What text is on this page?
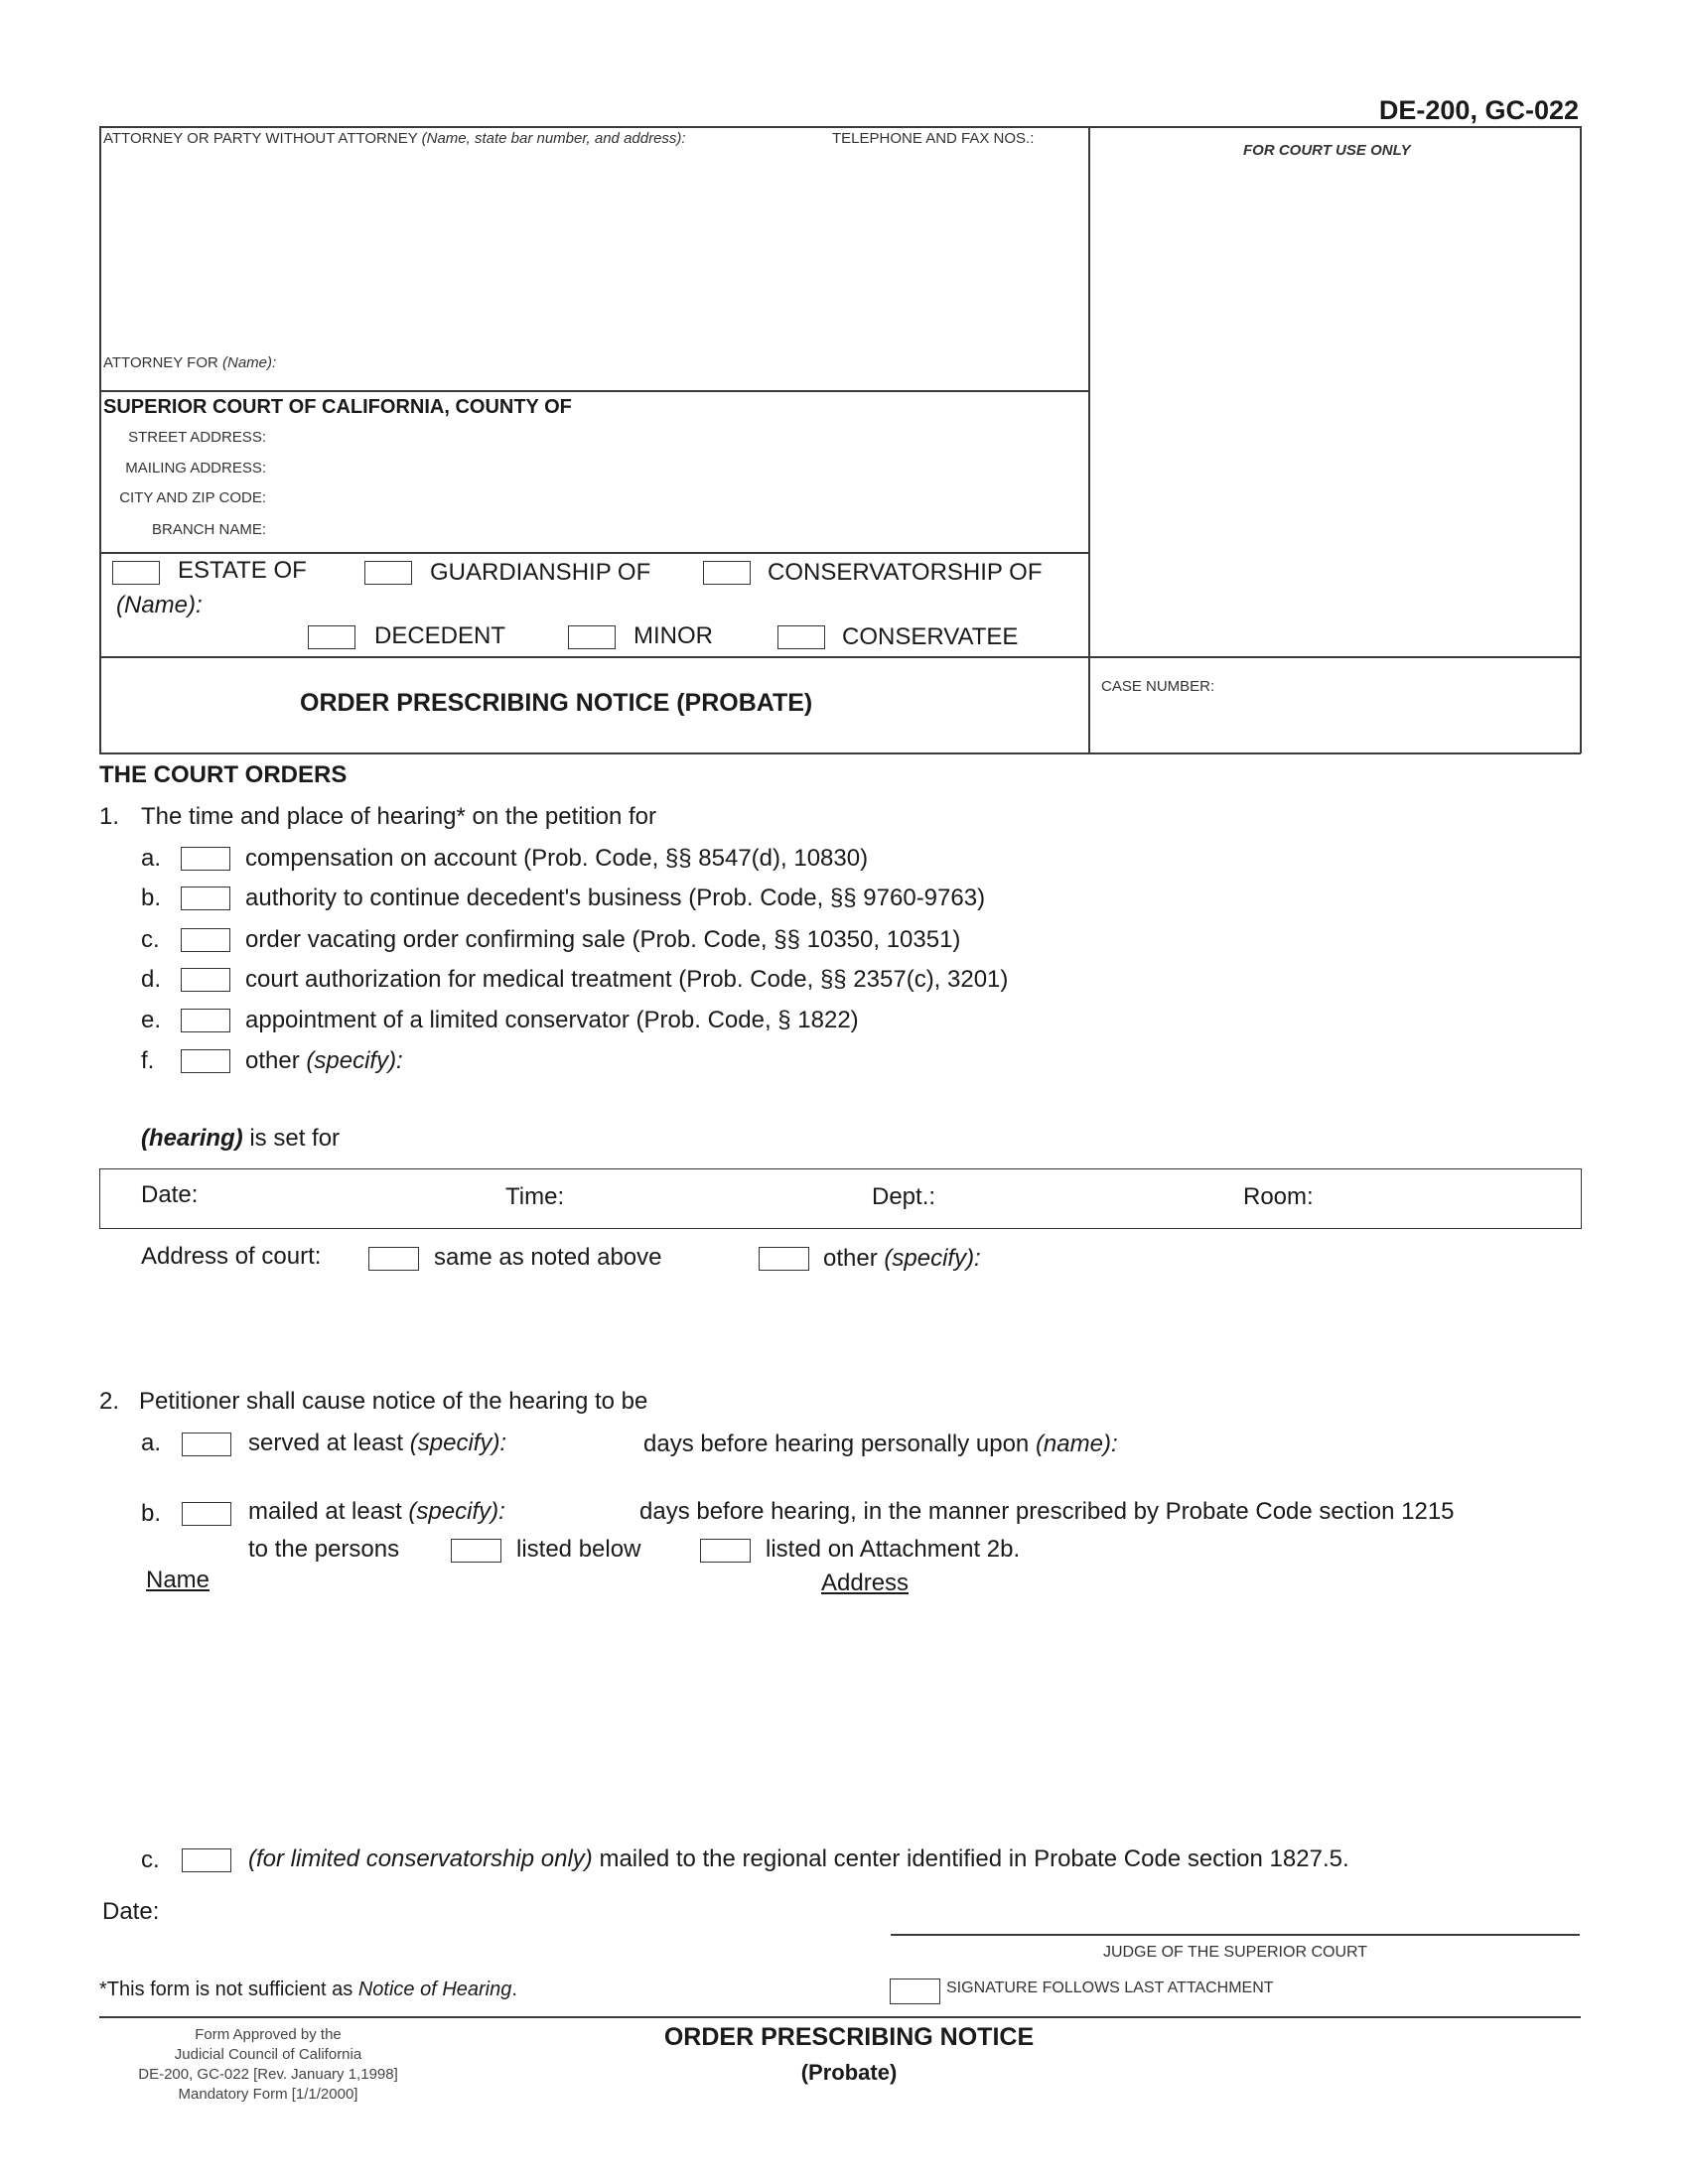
DE-200, GC-022
ATTORNEY OR PARTY WITHOUT ATTORNEY (Name, state bar number, and address):	TELEPHONE AND FAX NOS.:
ATTORNEY FOR (Name):
FOR COURT USE ONLY
SUPERIOR COURT OF CALIFORNIA, COUNTY OF
STREET ADDRESS:
MAILING ADDRESS:
CITY AND ZIP CODE:
BRANCH NAME:
ESTATE OF	GUARDIANSHIP OF	CONSERVATORSHIP OF
(Name):
DECEDENT	MINOR	CONSERVATEE
ORDER PRESCRIBING NOTICE (PROBATE)
CASE NUMBER:
THE COURT ORDERS
1. The time and place of hearing* on the petition for
a.	compensation on account (Prob. Code, §§ 8547(d), 10830)
b.	authority to continue decedent's business (Prob. Code, §§ 9760-9763)
c.	order vacating order confirming sale (Prob. Code, §§ 10350, 10351)
d.	court authorization for medical treatment (Prob. Code, §§ 2357(c), 3201)
e.	appointment of a limited conservator (Prob. Code, § 1822)
f.	other (specify):
(hearing) is set for
Date:	Time:	Dept.:	Room:
Address of court:	same as noted above	other (specify):
2. Petitioner shall cause notice of the hearing to be
a.	served at least (specify):	days before hearing personally upon (name):
b.	mailed at least (specify):	days before hearing, in the manner prescribed by Probate Code section 1215
to the persons	listed below	listed on Attachment 2b.
Name	Address
c.	(for limited conservatorship only) mailed to the regional center identified in Probate Code section 1827.5.
Date:
JUDGE OF THE SUPERIOR COURT
SIGNATURE FOLLOWS LAST ATTACHMENT
*This form is not sufficient as Notice of Hearing.
Form Approved by the
Judicial Council of California
DE-200, GC-022 [Rev. January 1,1998]
Mandatory Form [1/1/2000]
ORDER PRESCRIBING NOTICE
(Probate)
